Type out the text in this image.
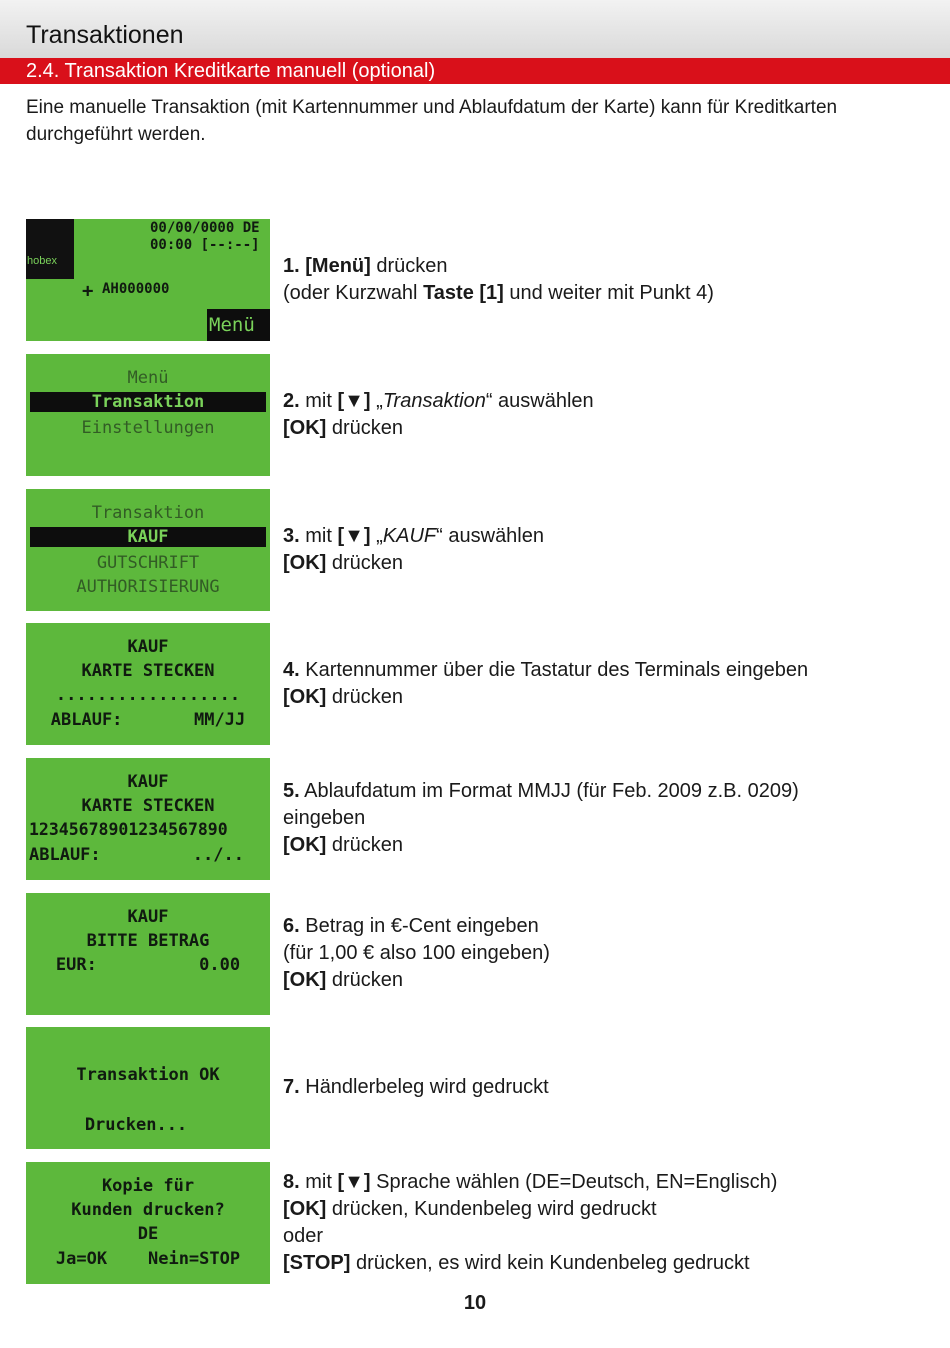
Transaktionen
2.4. Transaktion Kreditkarte manuell (optional)
Eine manuelle Transaktion (mit Kartennummer und Ablaufdatum der Karte) kann für Kreditkarten durchgeführt werden.
hobex
00/00/0000 DE
00:00 [--:--]
+ AH000000
Menü
Menü
Transaktion
Einstellungen
Transaktion
KAUF
GUTSCHRIFT
AUTHORISIERUNG
KAUF
KARTE STECKEN
..................
ABLAUF:       MM/JJ
KAUF
KARTE STECKEN
12345678901234567890
ABLAUF:         ../..
KAUF
BITTE BETRAG
EUR:          0.00
Transaktion OK
Drucken...
Kopie für
Kunden drucken?
DE
Ja=OK    Nein=STOP
1. [Menü] drücken
(oder Kurzwahl Taste [1] und weiter mit Punkt 4)
2. mit [▼] „Transaktion“ auswählen
[OK] drücken
3. mit [▼] „KAUF“ auswählen
[OK] drücken
4. Kartennummer über die Tastatur des Terminals eingeben
[OK] drücken
5. Ablaufdatum im Format MMJJ (für Feb. 2009 z.B. 0209)
eingeben
[OK] drücken
6. Betrag in €-Cent eingeben
(für 1,00 € also 100 eingeben)
[OK] drücken
7. Händlerbeleg wird gedruckt
8. mit [▼] Sprache wählen (DE=Deutsch, EN=Englisch)
[OK] drücken, Kundenbeleg wird gedruckt
oder
[STOP] drücken, es wird kein Kundenbeleg gedruckt
10
